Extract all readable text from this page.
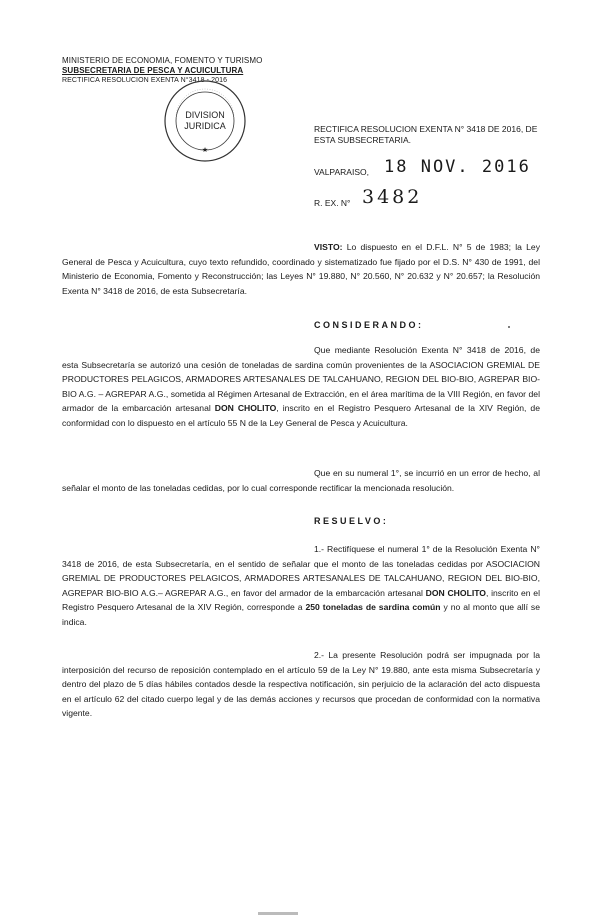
MINISTERIO DE ECONOMIA, FOMENTO Y TURISMO
SUBSECRETARIA DE PESCA Y ACUICULTURA
RECTIFICA RESOLUCION EXENTA N°3418 - 2016
DIVISION
JURIDICA
★
RECTIFICA RESOLUCION EXENTA N° 3418 DE 2016, DE ESTA SUBSECRETARIA.
VALPARAISO, 18 NOV. 2016
R. EX. N° 3482
VISTO: Lo dispuesto en el D.F.L. N° 5 de 1983; la Ley General de Pesca y Acuicultura, cuyo texto refundido, coordinado y sistematizado fue fijado por el D.S. N° 430 de 1991, del Ministerio de Economia, Fomento y Reconstrucción; las Leyes N° 19.880, N° 20.560, N° 20.632 y N° 20.657; la Resolución Exenta N° 3418 de 2016, de esta Subsecretaría.
CONSIDERANDO:
Que mediante Resolución Exenta N° 3418 de 2016, de esta Subsecretaría se autorizó una cesión de toneladas de sardina común provenientes de la ASOCIACION GREMIAL DE PRODUCTORES PELAGICOS, ARMADORES ARTESANALES DE TALCAHUANO, REGION DEL BIO-BIO, AGREPAR BIO-BIO A.G. – AGREPAR A.G., sometida al Régimen Artesanal de Extracción, en el área marítima de la VIII Región, en favor del armador de la embarcación artesanal DON CHOLITO, inscrito en el Registro Pesquero Artesanal de la XIV Región, de conformidad con lo dispuesto en el artículo 55 N de la Ley General de Pesca y Acuicultura.
Que en su numeral 1°, se incurrió en un error de hecho, al señalar el monto de las toneladas cedidas, por lo cual corresponde rectificar la mencionada resolución.
RESUELVO:
1.- Rectifíquese el numeral 1° de la Resolución Exenta N° 3418 de 2016, de esta Subsecretaría, en el sentido de señalar que el monto de las toneladas cedidas por ASOCIACION GREMIAL DE PRODUCTORES PELAGICOS, ARMADORES ARTESANALES DE TALCAHUANO, REGION DEL BIO-BIO, AGREPAR BIO-BIO A.G.– AGREPAR A.G., en favor del armador de la embarcación artesanal DON CHOLITO, inscrito en el Registro Pesquero Artesanal de la XIV Región, corresponde a 250 toneladas de sardina común y no al monto que allí se indica.
2.- La presente Resolución podrá ser impugnada por la interposición del recurso de reposición contemplado en el artículo 59 de la Ley N° 19.880, ante esta misma Subsecretaría y dentro del plazo de 5 días hábiles contados desde la respectiva notificación, sin perjuicio de la aclaración del acto dispuesta en el artículo 62 del citado cuerpo legal y de las demás acciones y recursos que procedan de conformidad con la normativa vigente.
